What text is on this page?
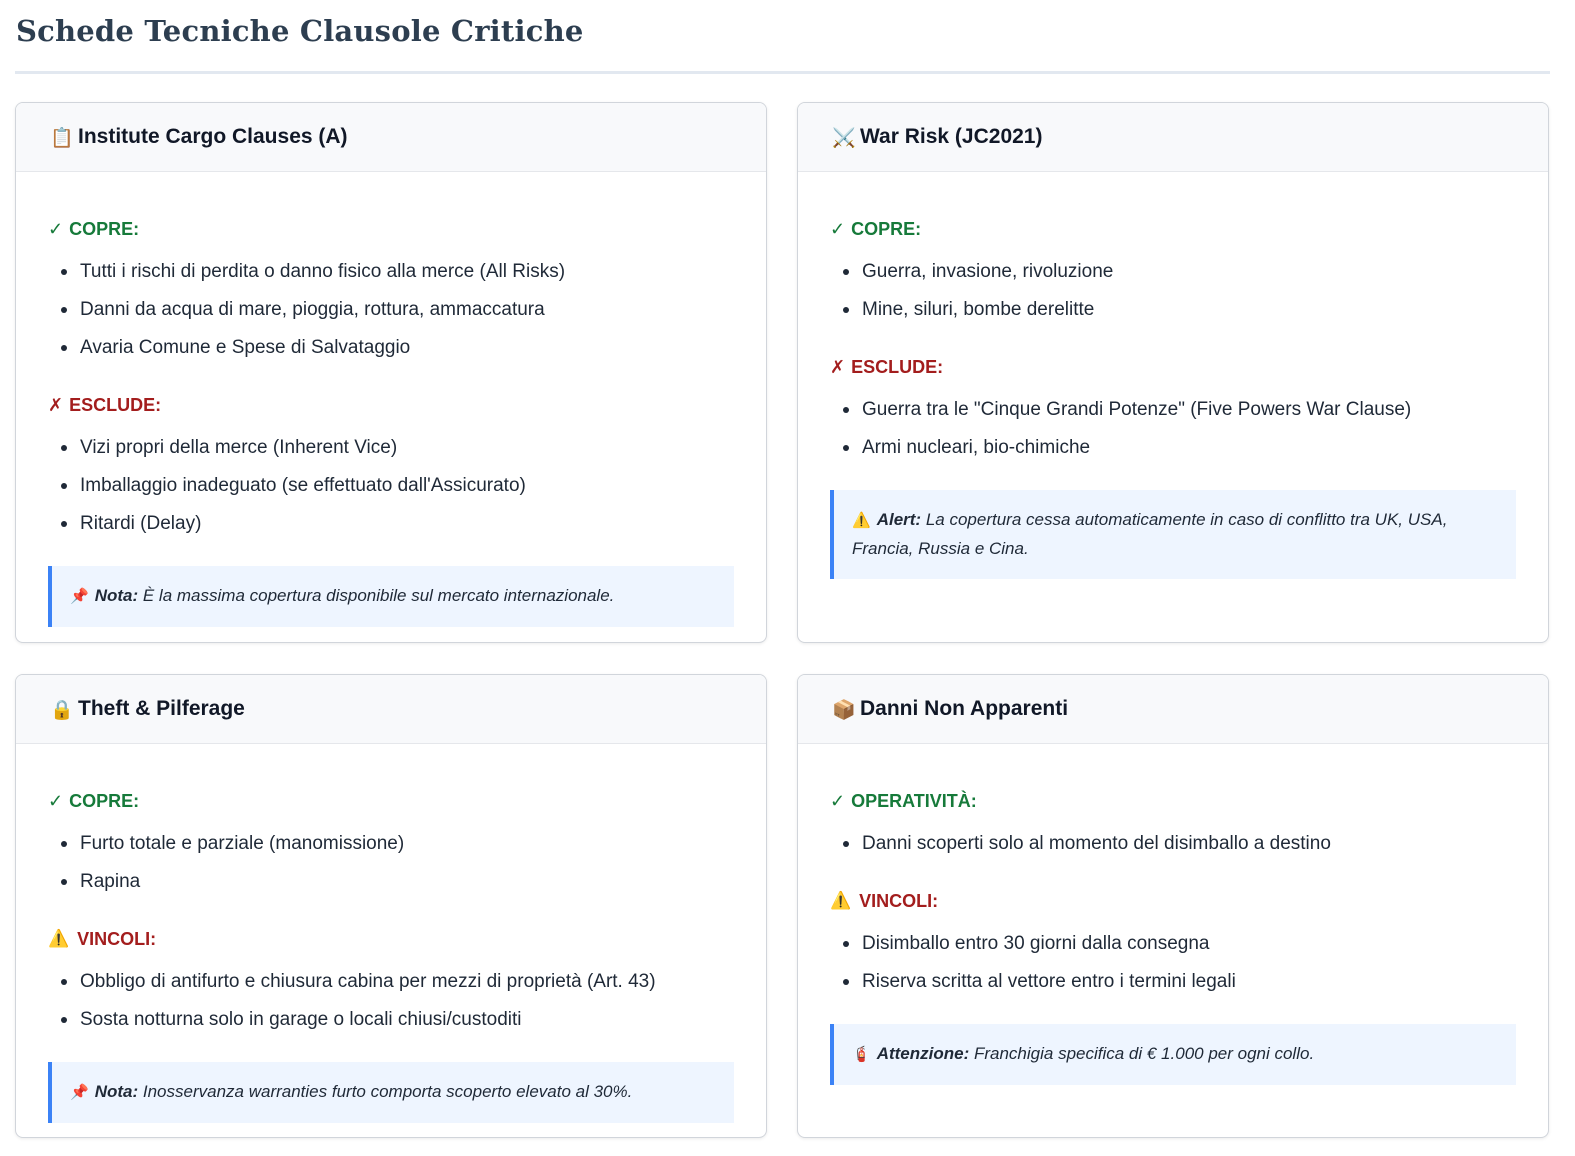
Schede Tecniche Clausole Critiche
📋 Institute Cargo Clauses (A)
✓ COPRE:
Tutti i rischi di perdita o danno fisico alla merce (All Risks)
Danni da acqua di mare, pioggia, rottura, ammaccatura
Avaria Comune e Spese di Salvataggio
✗ ESCLUDE:
Vizi propri della merce (Inherent Vice)
Imballaggio inadeguato (se effettuato dall'Assicurato)
Ritardi (Delay)
📌 Nota: È la massima copertura disponibile sul mercato internazionale.
⚔️ War Risk (JC2021)
✓ COPRE:
Guerra, invasione, rivoluzione
Mine, siluri, bombe derelitte
✗ ESCLUDE:
Guerra tra le "Cinque Grandi Potenze" (Five Powers War Clause)
Armi nucleari, bio-chimiche
⚠️ Alert: La copertura cessa automaticamente in caso di conflitto tra UK, USA, Francia, Russia e Cina.
🔒 Theft & Pilferage
✓ COPRE:
Furto totale e parziale (manomissione)
Rapina
⚠️ VINCOLI:
Obbligo di antifurto e chiusura cabina per mezzi di proprietà (Art. 43)
Sosta notturna solo in garage o locali chiusi/custoditi
📌 Nota: Inosservanza warranties furto comporta scoperto elevato al 30%.
📦 Danni Non Apparenti
✓ OPERATIVITÀ:
Danni scoperti solo al momento del disimballo a destino
⚠️ VINCOLI:
Disimballo entro 30 giorni dalla consegna
Riserva scritta al vettore entro i termini legali
🧯 Attenzione: Franchigia specifica di € 1.000 per ogni collo.
